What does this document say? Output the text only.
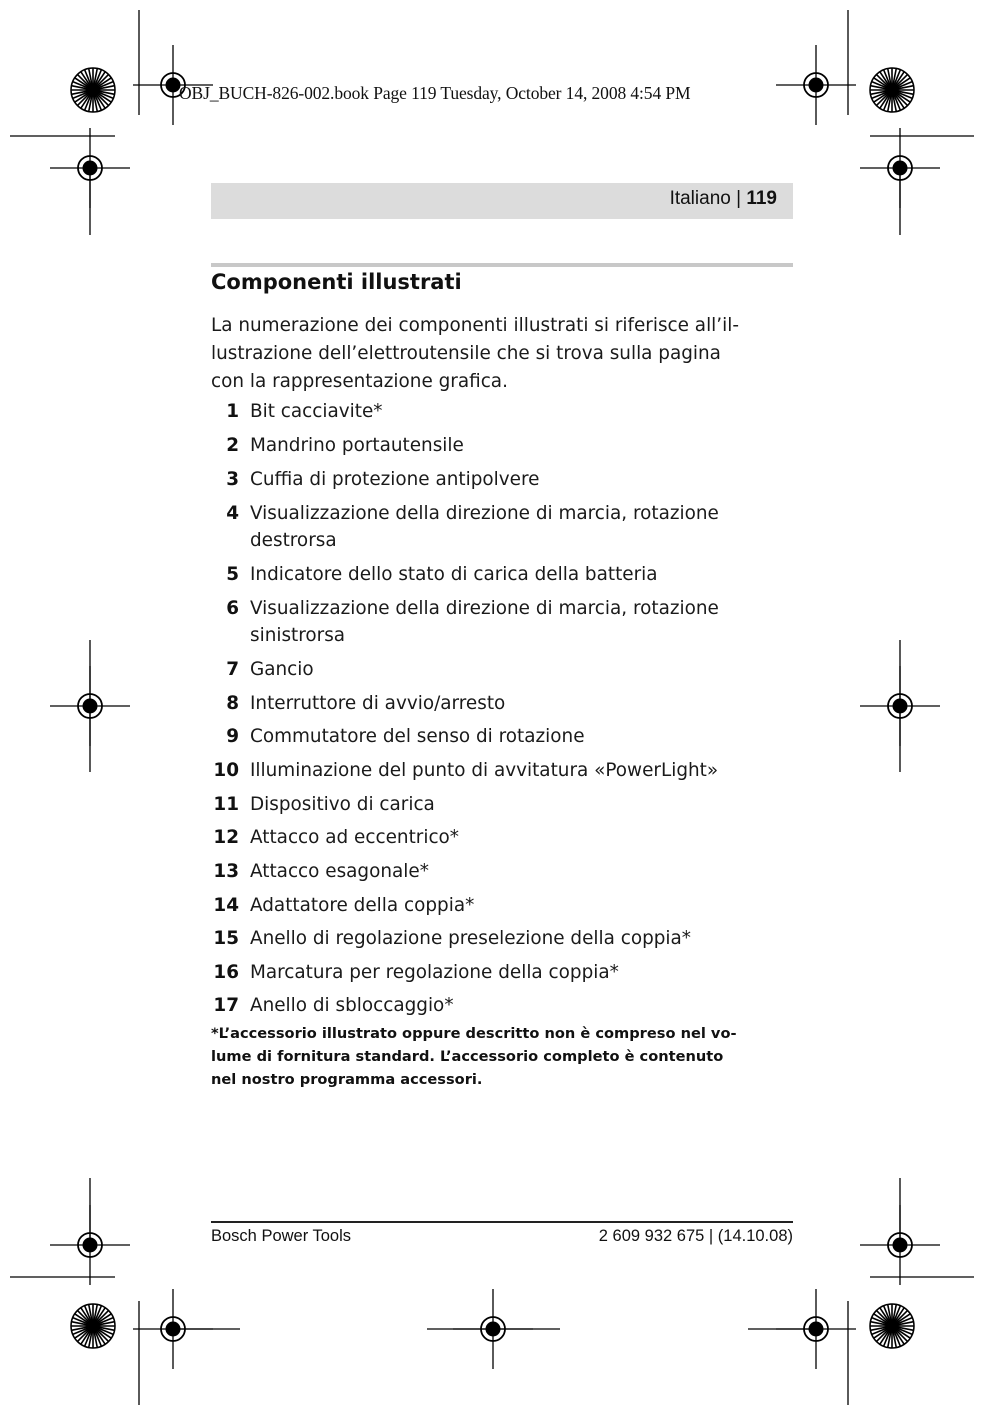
OBJ_BUCH-826-002.book Page 119 Tuesday, October 14, 2008 4:54 PM
Italiano | 119
Componenti illustrati
La numerazione dei componenti illustrati si riferisce all’il-
lustrazione dell’elettroutensile che si trova sulla pagina
con la rappresentazione grafica.
1 Bit cacciavite*
2 Mandrino portautensile
3 Cuffia di protezione antipolvere
4 Visualizzazione della direzione di marcia, rotazione
destrorsa
5 Indicatore dello stato di carica della batteria
6 Visualizzazione della direzione di marcia, rotazione
sinistrorsa
7 Gancio
8 Interruttore di avvio/arresto
9 Commutatore del senso di rotazione
10 Illuminazione del punto di avvitatura «PowerLight»
11 Dispositivo di carica
12 Attacco ad eccentrico*
13 Attacco esagonale*
14 Adattatore della coppia*
15 Anello di regolazione preselezione della coppia*
16 Marcatura per regolazione della coppia*
17 Anello di sbloccaggio*
*L’accessorio illustrato oppure descritto non è compreso nel vo-
lume di fornitura standard. L’accessorio completo è contenuto
nel nostro programma accessori.
Bosch Power Tools	2 609 932 675 | (14.10.08)
